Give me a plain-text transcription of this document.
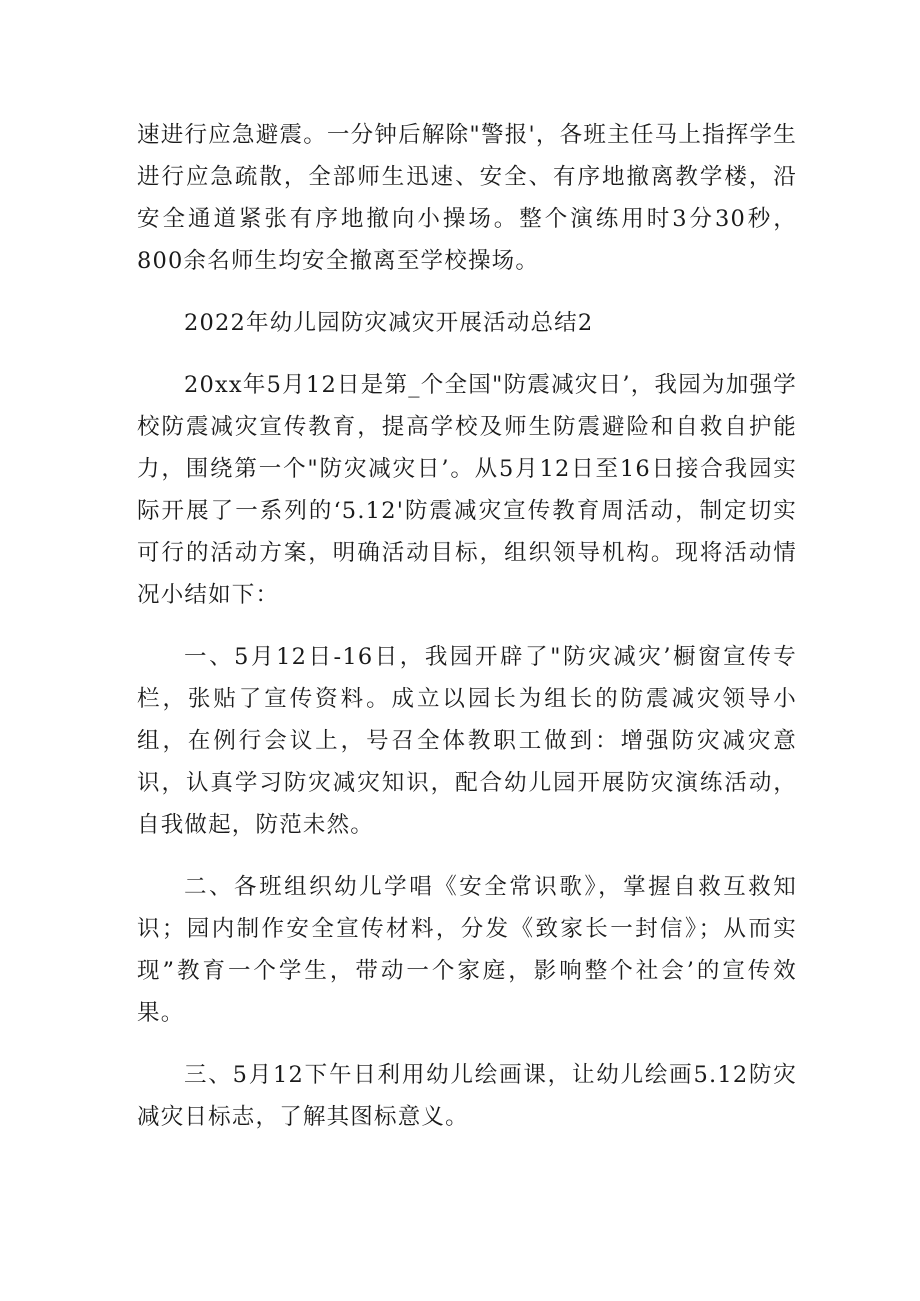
速进行应急避震。一分钟后解除"警报'，各班主任马上指挥学生进行应急疏散，全部师生迅速、安全、有序地撤离教学楼，沿安全通道紧张有序地撤向小操场。整个演练用时3分30秒，800余名师生均安全撤离至学校操场。

2022年幼儿园防灾减灾开展活动总结2

20xx年5月12日是第_个全国"防震减灾日’，我园为加强学校防震减灾宣传教育，提高学校及师生防震避险和自救自护能力，围绕第一个"防灾减灾日’。从5月12日至16日接合我园实际开展了一系列的‘5.12'防震减灾宣传教育周活动，制定切实可行的活动方案，明确活动目标，组织领导机构。现将活动情况小结如下：

一、5月12日-16日，我园开辟了"防灾减灾’橱窗宣传专栏，张贴了宣传资料。成立以园长为组长的防震减灾领导小组，在例行会议上，号召全体教职工做到：增强防灾减灾意识，认真学习防灾减灾知识，配合幼儿园开展防灾演练活动，自我做起，防范未然。

二、各班组织幼儿学唱《安全常识歌》，掌握自救互救知识；园内制作安全宣传材料，分发《致家长一封信》；从而实现”教育一个学生，带动一个家庭，影响整个社会’的宣传效果。

三、5月12下午日利用幼儿绘画课，让幼儿绘画5.12防灾减灾日标志，了解其图标意义。
